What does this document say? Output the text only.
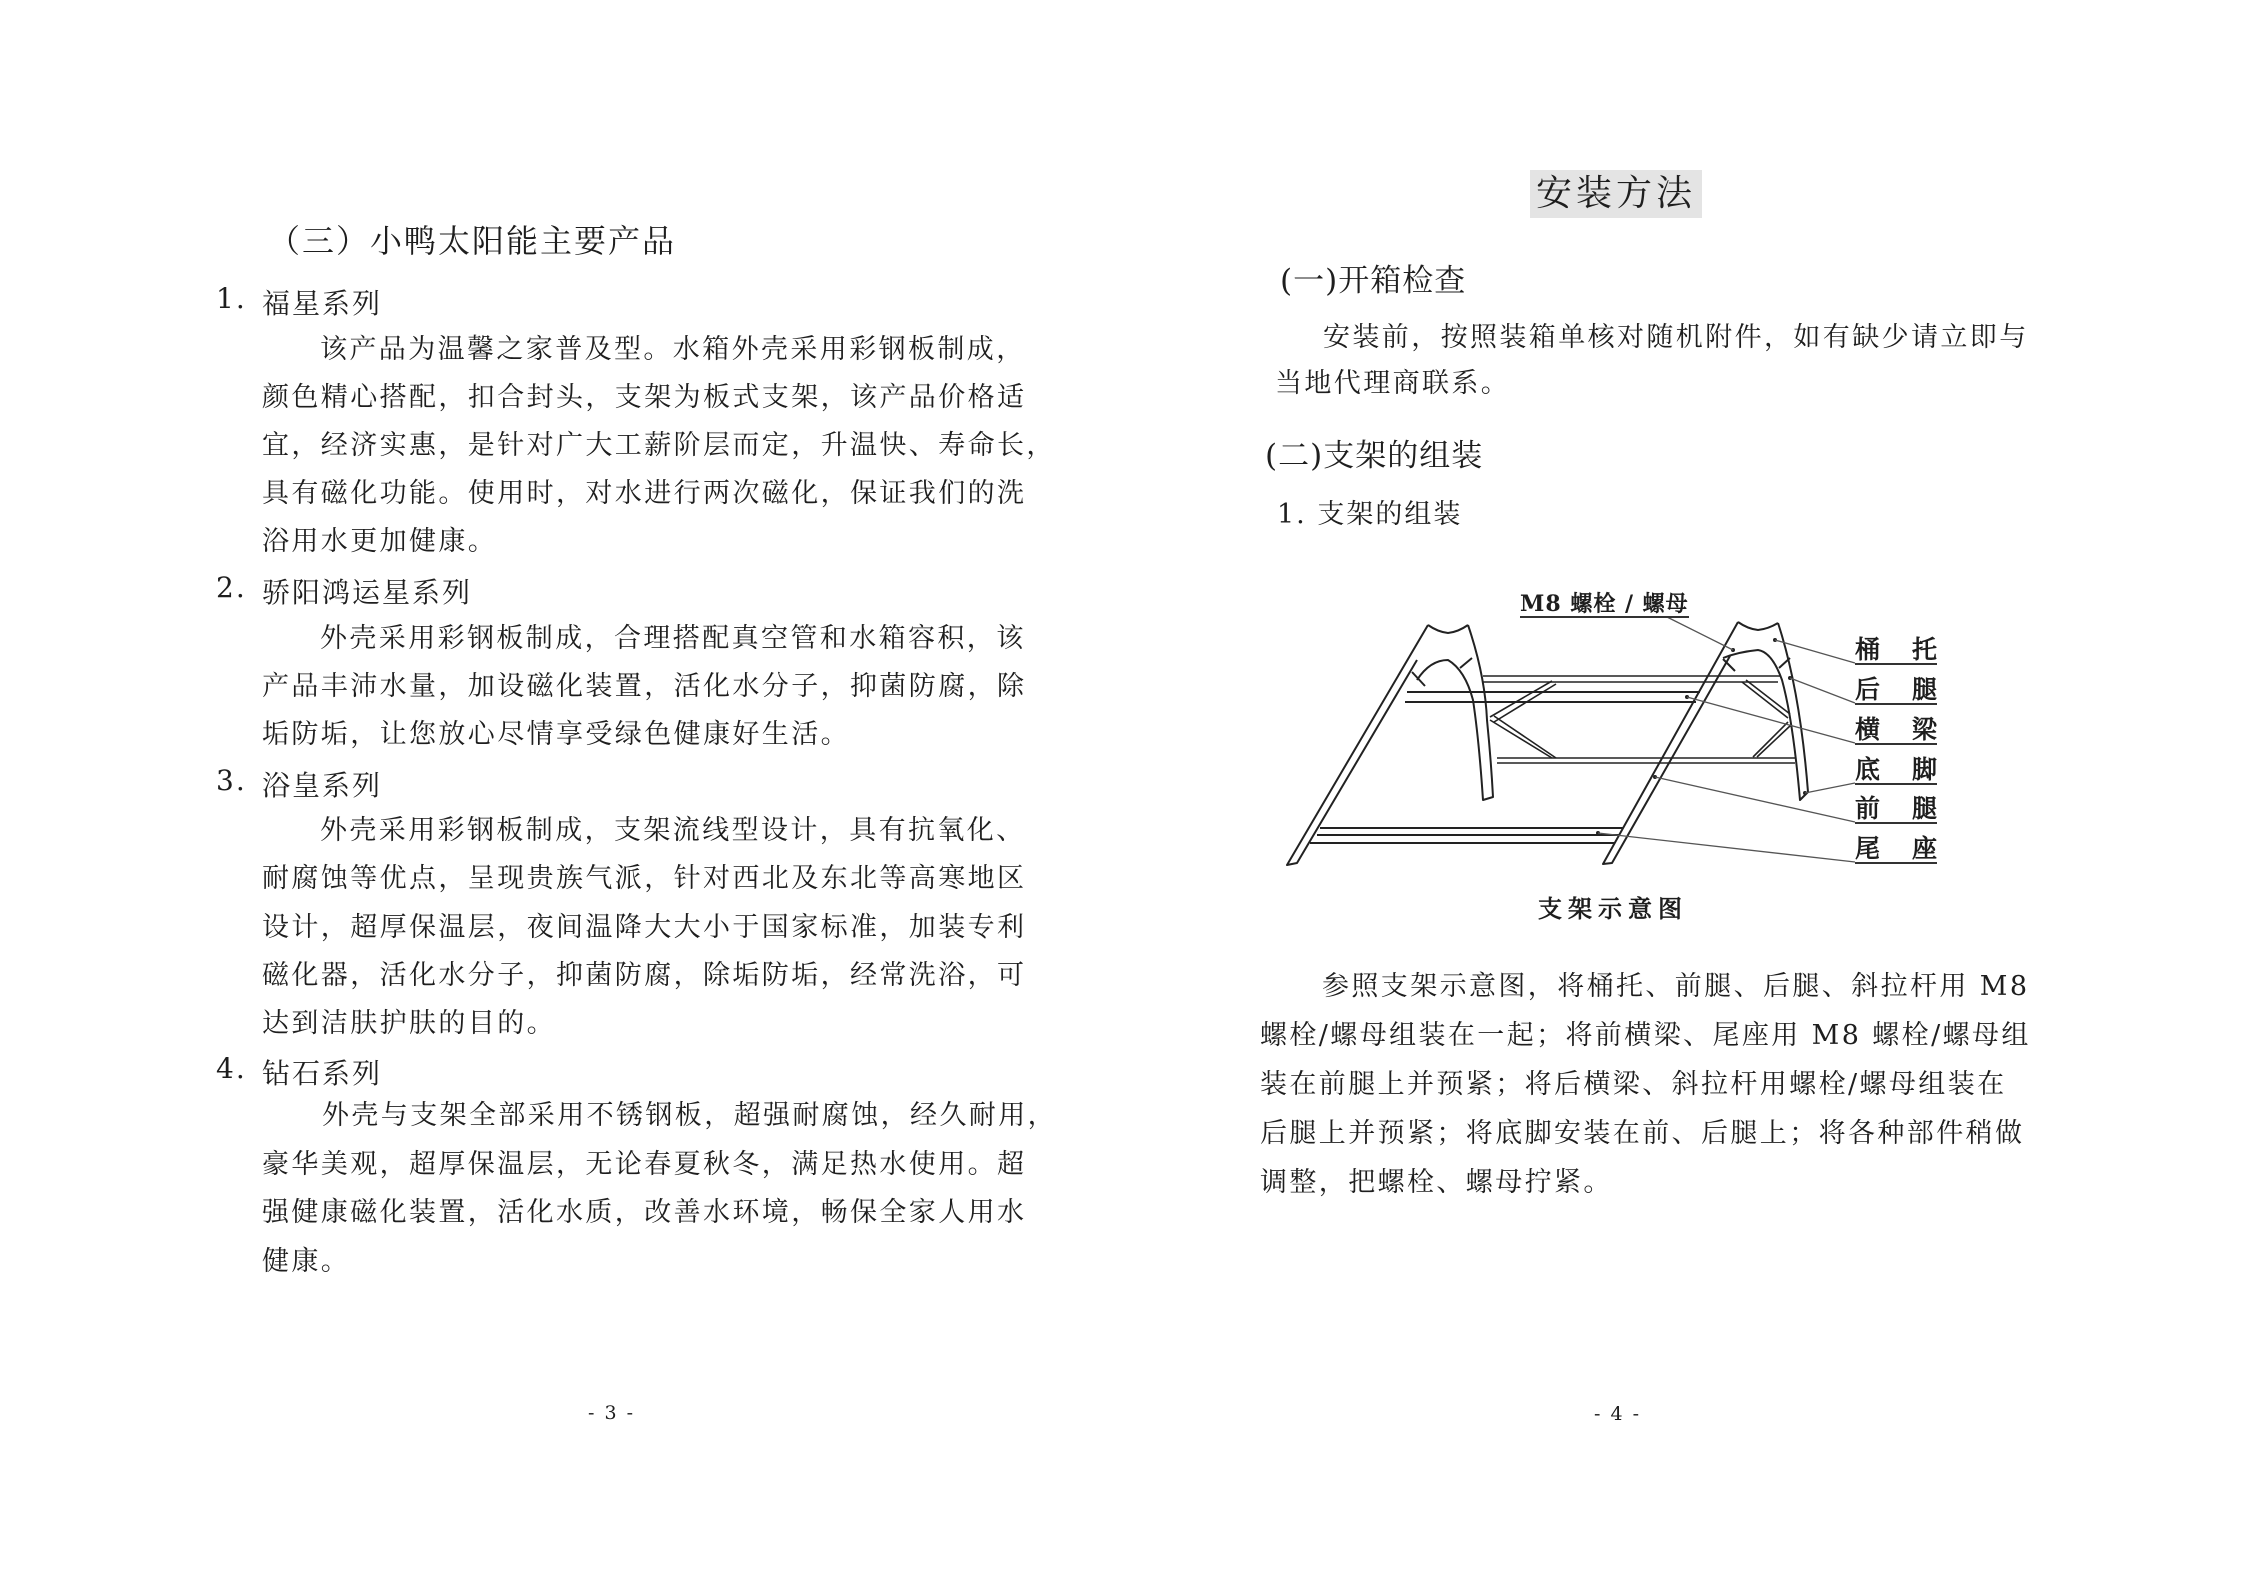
（三）小鸭太阳能主要产品
1. 福星系列
该产品为温馨之家普及型。水箱外壳采用彩钢板制成，
颜色精心搭配，扣合封头，支架为板式支架，该产品价格适
宜，经济实惠，是针对广大工薪阶层而定，升温快、寿命长，
具有磁化功能。使用时，对水进行两次磁化，保证我们的洗
浴用水更加健康。
2. 骄阳鸿运星系列
外壳采用彩钢板制成，合理搭配真空管和水箱容积，该
产品丰沛水量，加设磁化装置，活化水分子，抑菌防腐，除
垢防垢，让您放心尽情享受绿色健康好生活。
3. 浴皇系列
外壳采用彩钢板制成，支架流线型设计，具有抗氧化、
耐腐蚀等优点，呈现贵族气派，针对西北及东北等高寒地区
设计，超厚保温层，夜间温降大大小于国家标准，加装专利
磁化器，活化水分子，抑菌防腐，除垢防垢，经常洗浴，可
达到洁肤护肤的目的。
4. 钻石系列
外壳与支架全部采用不锈钢板，超强耐腐蚀，经久耐用，
豪华美观，超厚保温层，无论春夏秋冬，满足热水使用。超
强健康磁化装置，活化水质，改善水环境，畅保全家人用水
健康。
- 3 -
安装方法
(一)开箱检查
安装前，按照装箱单核对随机附件，如有缺少请立即与
当地代理商联系。
(二)支架的组装
1. 支架的组装
参照支架示意图，将桶托、前腿、后腿、斜拉杆用 M8
螺栓/螺母组装在一起；将前横梁、尾座用 M8 螺栓/螺母组
装在前腿上并预紧；将后横梁、斜拉杆用螺栓/螺母组装在
后腿上并预紧；将底脚安装在前、后腿上；将各种部件稍做
调整，把螺栓、螺母拧紧。
- 4 -
M8 螺栓 / 螺母
桶 托
后 腿
横 梁
底 脚
前 腿
尾 座
支架示意图
